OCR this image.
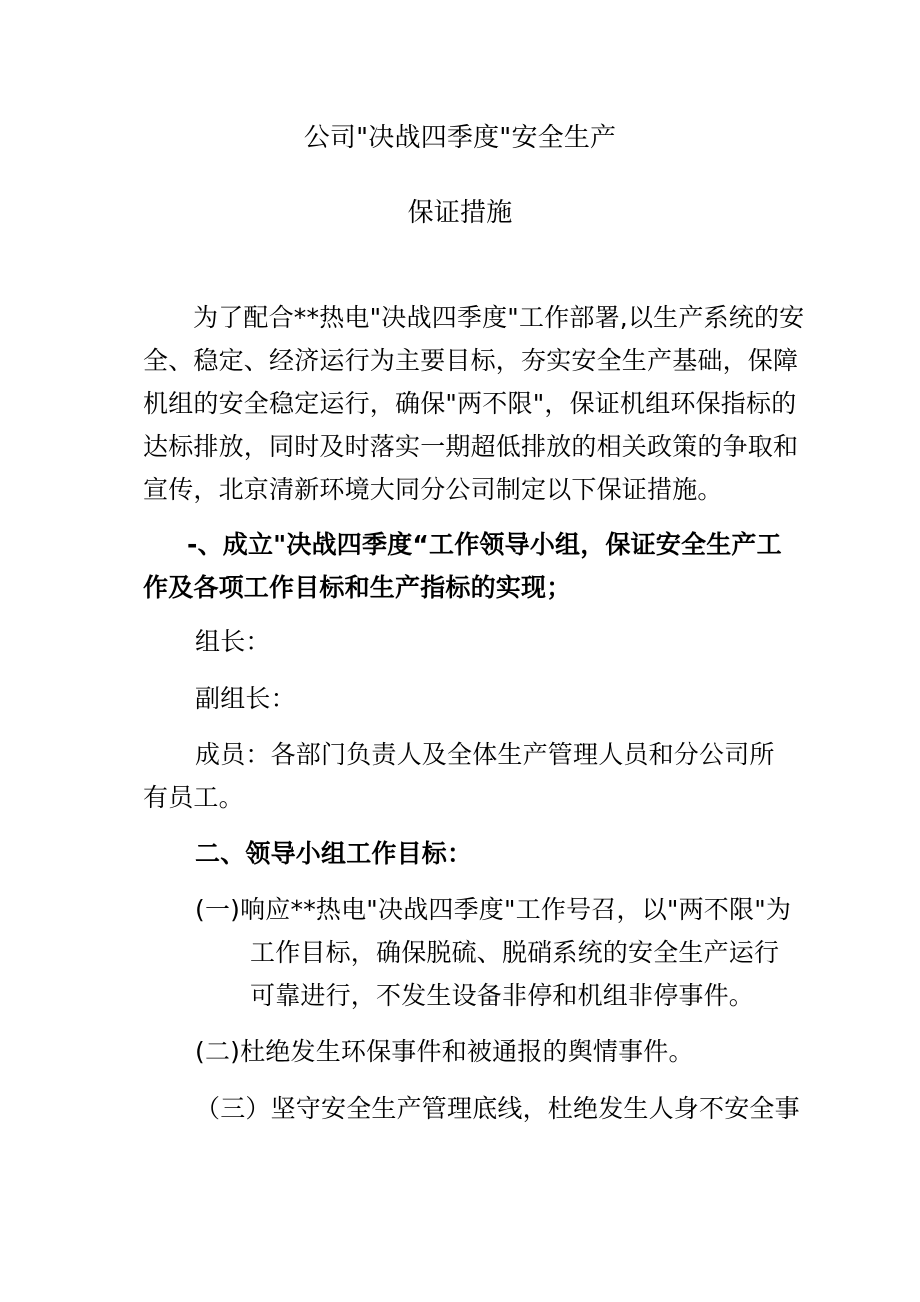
公司"决战四季度"安全生产
保证措施
为了配合**热电"决战四季度"工作部署,以生产系统的安
全、稳定、经济运行为主要目标，夯实安全生产基础，保障
机组的安全稳定运行，确保"两不限"，保证机组环保指标的
达标排放，同时及时落实一期超低排放的相关政策的争取和
宣传，北京清新环境大同分公司制定以下保证措施。
-、成立"决战四季度“工作领导小组，保证安全生产工
作及各项工作目标和生产指标的实现；
组长：
副组长：
成员：各部门负责人及全体生产管理人员和分公司所
有员工。
二、领导小组工作目标：
(一)响应**热电"决战四季度"工作号召，以"两不限"为
工作目标，确保脱硫、脱硝系统的安全生产运行
可靠进行，不发生设备非停和机组非停事件。
(二)杜绝发生环保事件和被通报的舆情事件。
（三）坚守安全生产管理底线，杜绝发生人身不安全事
